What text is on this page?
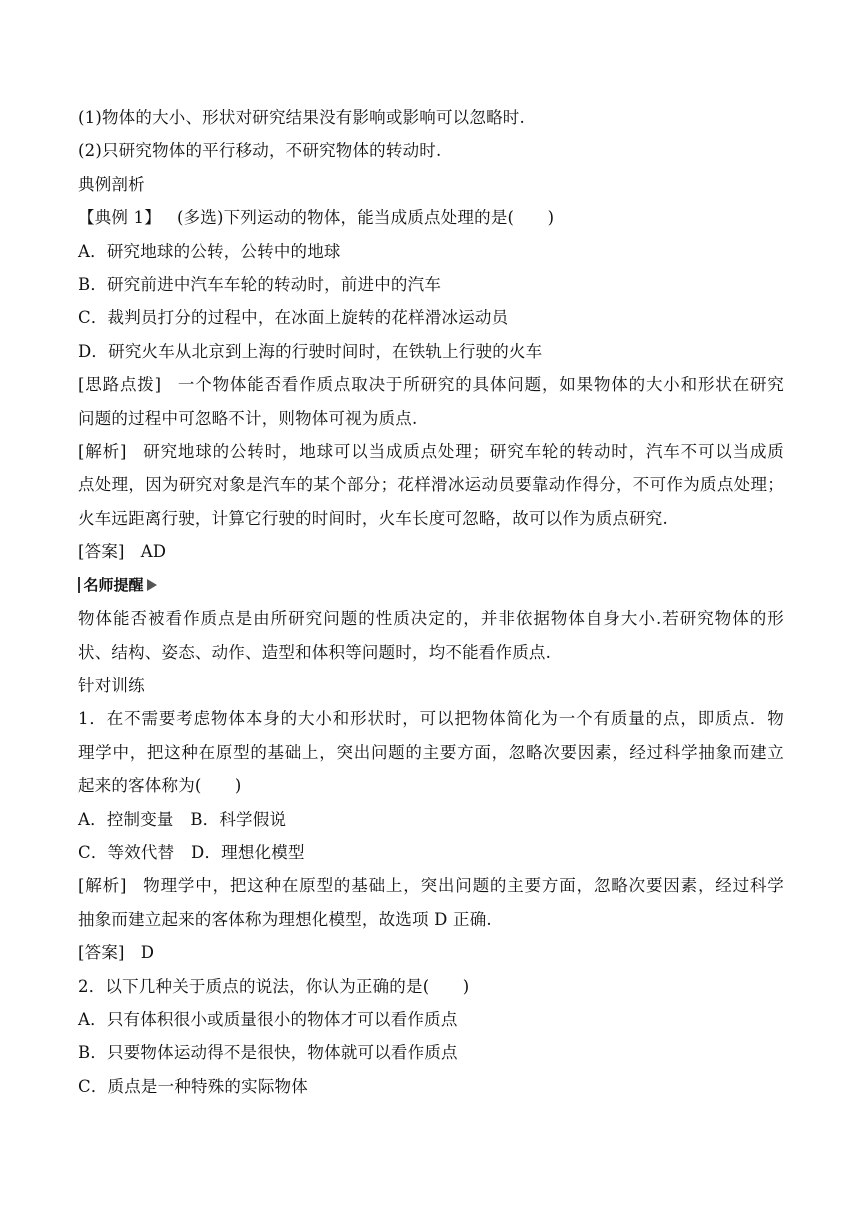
(1)物体的大小、形状对研究结果没有影响或影响可以忽略时.
(2)只研究物体的平行移动，不研究物体的转动时.
典例剖析
【典例 1】 (多选)下列运动的物体，能当成质点处理的是(　　)
A．研究地球的公转，公转中的地球
B．研究前进中汽车车轮的转动时，前进中的汽车
C．裁判员打分的过程中，在冰面上旋转的花样滑冰运动员
D．研究火车从北京到上海的行驶时间时，在铁轨上行驶的火车
[思路点拨] 一个物体能否看作质点取决于所研究的具体问题，如果物体的大小和形状在研究
问题的过程中可忽略不计，则物体可视为质点.
[解析] 研究地球的公转时，地球可以当成质点处理；研究车轮的转动时，汽车不可以当成质
点处理，因为研究对象是汽车的某个部分；花样滑冰运动员要靠动作得分，不可作为质点处理；
火车远距离行驶，计算它行驶的时间时，火车长度可忽略，故可以作为质点研究.
[答案] AD
名师提醒
物体能否被看作质点是由所研究问题的性质决定的，并非依据物体自身大小.若研究物体的形
状、结构、姿态、动作、造型和体积等问题时，均不能看作质点.
针对训练
1．在不需要考虑物体本身的大小和形状时，可以把物体简化为一个有质量的点，即质点．物
理学中，把这种在原型的基础上，突出问题的主要方面，忽略次要因素，经过科学抽象而建立
起来的客体称为(　　)
A．控制变量　B．科学假说
C．等效代替　D．理想化模型
[解析] 物理学中，把这种在原型的基础上，突出问题的主要方面，忽略次要因素，经过科学
抽象而建立起来的客体称为理想化模型，故选项 D 正确.
[答案] D
2．以下几种关于质点的说法，你认为正确的是(　　)
A．只有体积很小或质量很小的物体才可以看作质点
B．只要物体运动得不是很快，物体就可以看作质点
C．质点是一种特殊的实际物体
